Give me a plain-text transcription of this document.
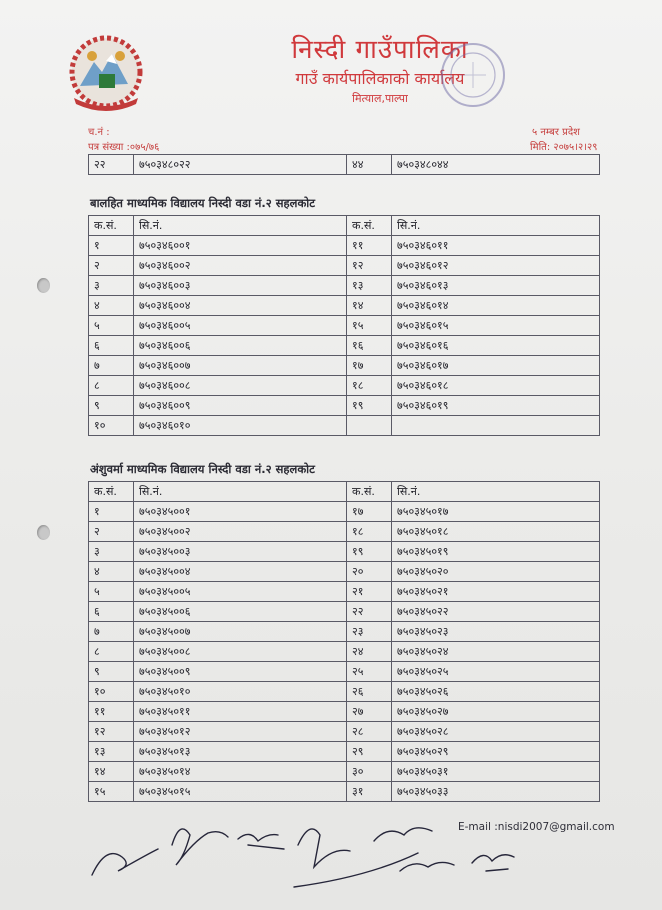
निस्दी गाउँपालिका
गाउँ कार्यपालिकाको कार्यालय
मित्याल,पाल्पा
च.नं :
पत्र संख्या :०७५/७६
५ नम्बर प्रदेश
मिति: २०७५।२।२९
२२	७५०३४८०२२	४४	७५०३४८०४४
बालहित माध्यमिक विद्यालय निस्दी वडा नं.२ सहलकोट
क.सं.	सि.नं.	क.सं.	सि.नं.
१	७५०३४६००१	११	७५०३४६०११
२	७५०३४६००२	१२	७५०३४६०१२
३	७५०३४६००३	१३	७५०३४६०१३
४	७५०३४६००४	१४	७५०३४६०१४
५	७५०३४६००५	१५	७५०३४६०१५
६	७५०३४६००६	१६	७५०३४६०१६
७	७५०३४६००७	१७	७५०३४६०१७
८	७५०३४६००८	१८	७५०३४६०१८
९	७५०३४६००९	१९	७५०३४६०१९
१०	७५०३४६०१०		
अंशुवर्मा माध्यमिक विद्यालय निस्दी वडा नं.२ सहलकोट
क.सं.	सि.नं.	क.सं.	सि.नं.
१	७५०३४५००१	१७	७५०३४५०१७
२	७५०३४५००२	१८	७५०३४५०१८
३	७५०३४५००३	१९	७५०३४५०१९
४	७५०३४५००४	२०	७५०३४५०२०
५	७५०३४५००५	२१	७५०३४५०२१
६	७५०३४५००६	२२	७५०३४५०२२
७	७५०३४५००७	२३	७५०३४५०२३
८	७५०३४५००८	२४	७५०३४५०२४
९	७५०३४५००९	२५	७५०३४५०२५
१०	७५०३४५०१०	२६	७५०३४५०२६
११	७५०३४५०११	२७	७५०३४५०२७
१२	७५०३४५०१२	२८	७५०३४५०२८
१३	७५०३४५०१३	२९	७५०३४५०२९
१४	७५०३४५०१४	३०	७५०३४५०३१
१५	७५०३४५०१५	३१	७५०३४५०३३
E-mail :nisdi2007@gmail.com
